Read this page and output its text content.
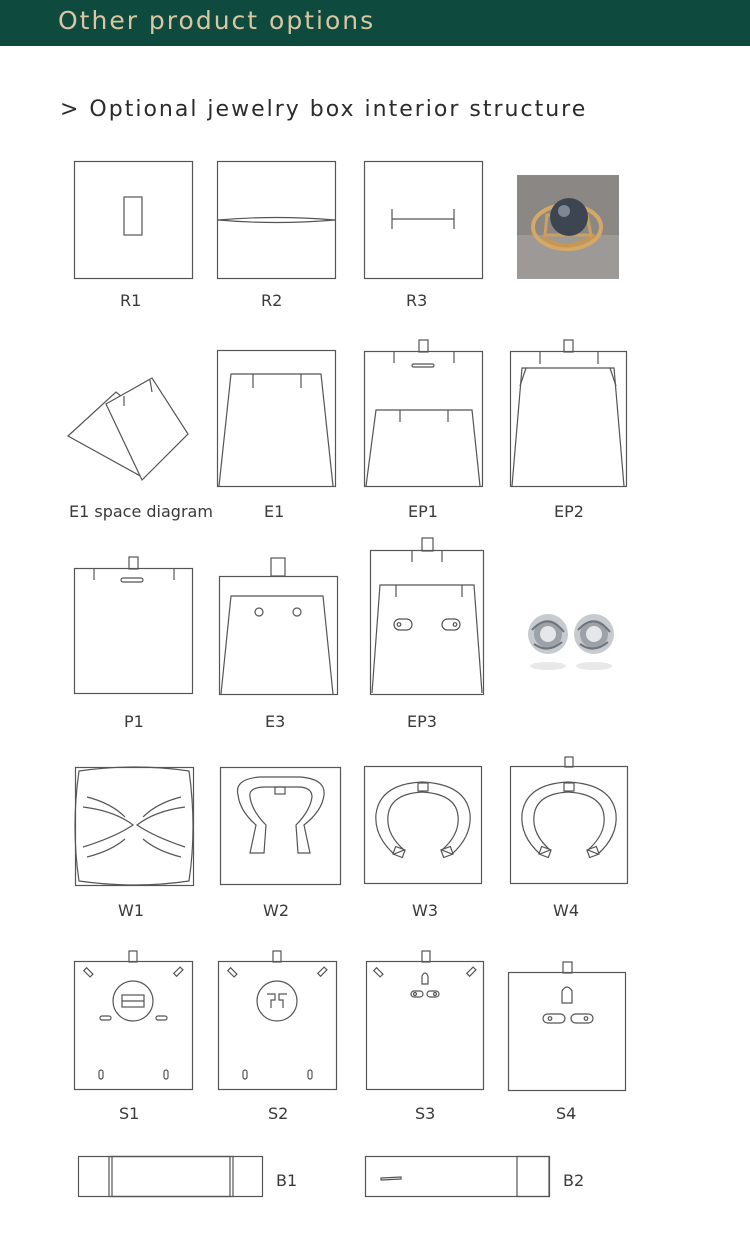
Other product options
> Optional jewelry box interior structure
R1	R2	R3
E1 space diagram	E1	EP1	EP2
P1	E3	EP3
W1	W2	W3	W4
S1	S2	S3	S4
B1	B2
